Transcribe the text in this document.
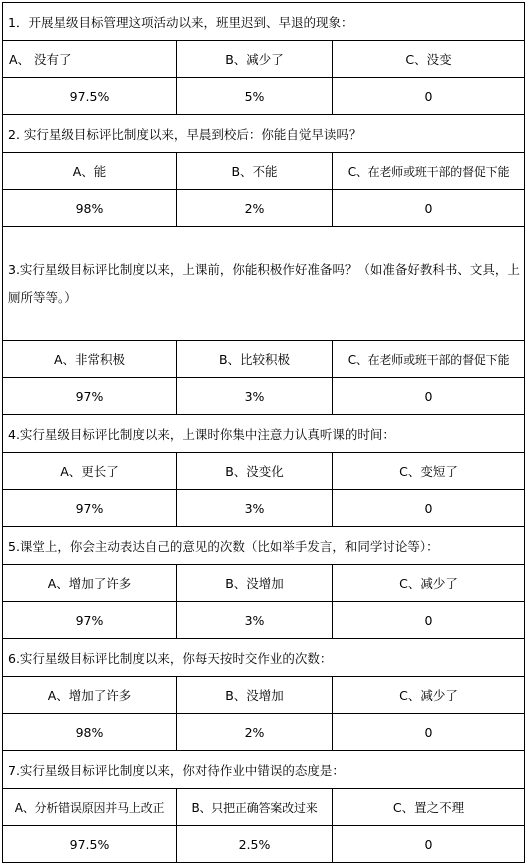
1．开展星级目标管理这项活动以来，班里迟到、早退的现象：		
A、 没有了	B、减少了	C、没变
97.5%	5%	0
2. 实行星级目标评比制度以来，早晨到校后：你能自觉早读吗？		
A、能	B、不能	C、在老师或班干部的督促下能
98%	2%	0
3.实行星级目标评比制度以来，上课前，你能积极作好准备吗？（如准备好教科书、文具，上厕所等等。）		
A、非常积极	B、比较积极	C、在老师或班干部的督促下能
97%	3%	0
4.实行星级目标评比制度以来，上课时你集中注意力认真听课的时间：		
A、更长了	B、没变化	C、变短了
97%	3%	0
5.课堂上，你会主动表达自己的意见的次数（比如举手发言，和同学讨论等）：		
A、增加了许多	B、没增加	C、减少了
97%	3%	0
6.实行星级目标评比制度以来，你每天按时交作业的次数：		
A、增加了许多	B、没增加	C、减少了
98%	2%	0
7.实行星级目标评比制度以来，你对待作业中错误的态度是：		
A、分析错误原因并马上改正	B、只把正确答案改过来	C、置之不理
97.5%	2.5%	0
